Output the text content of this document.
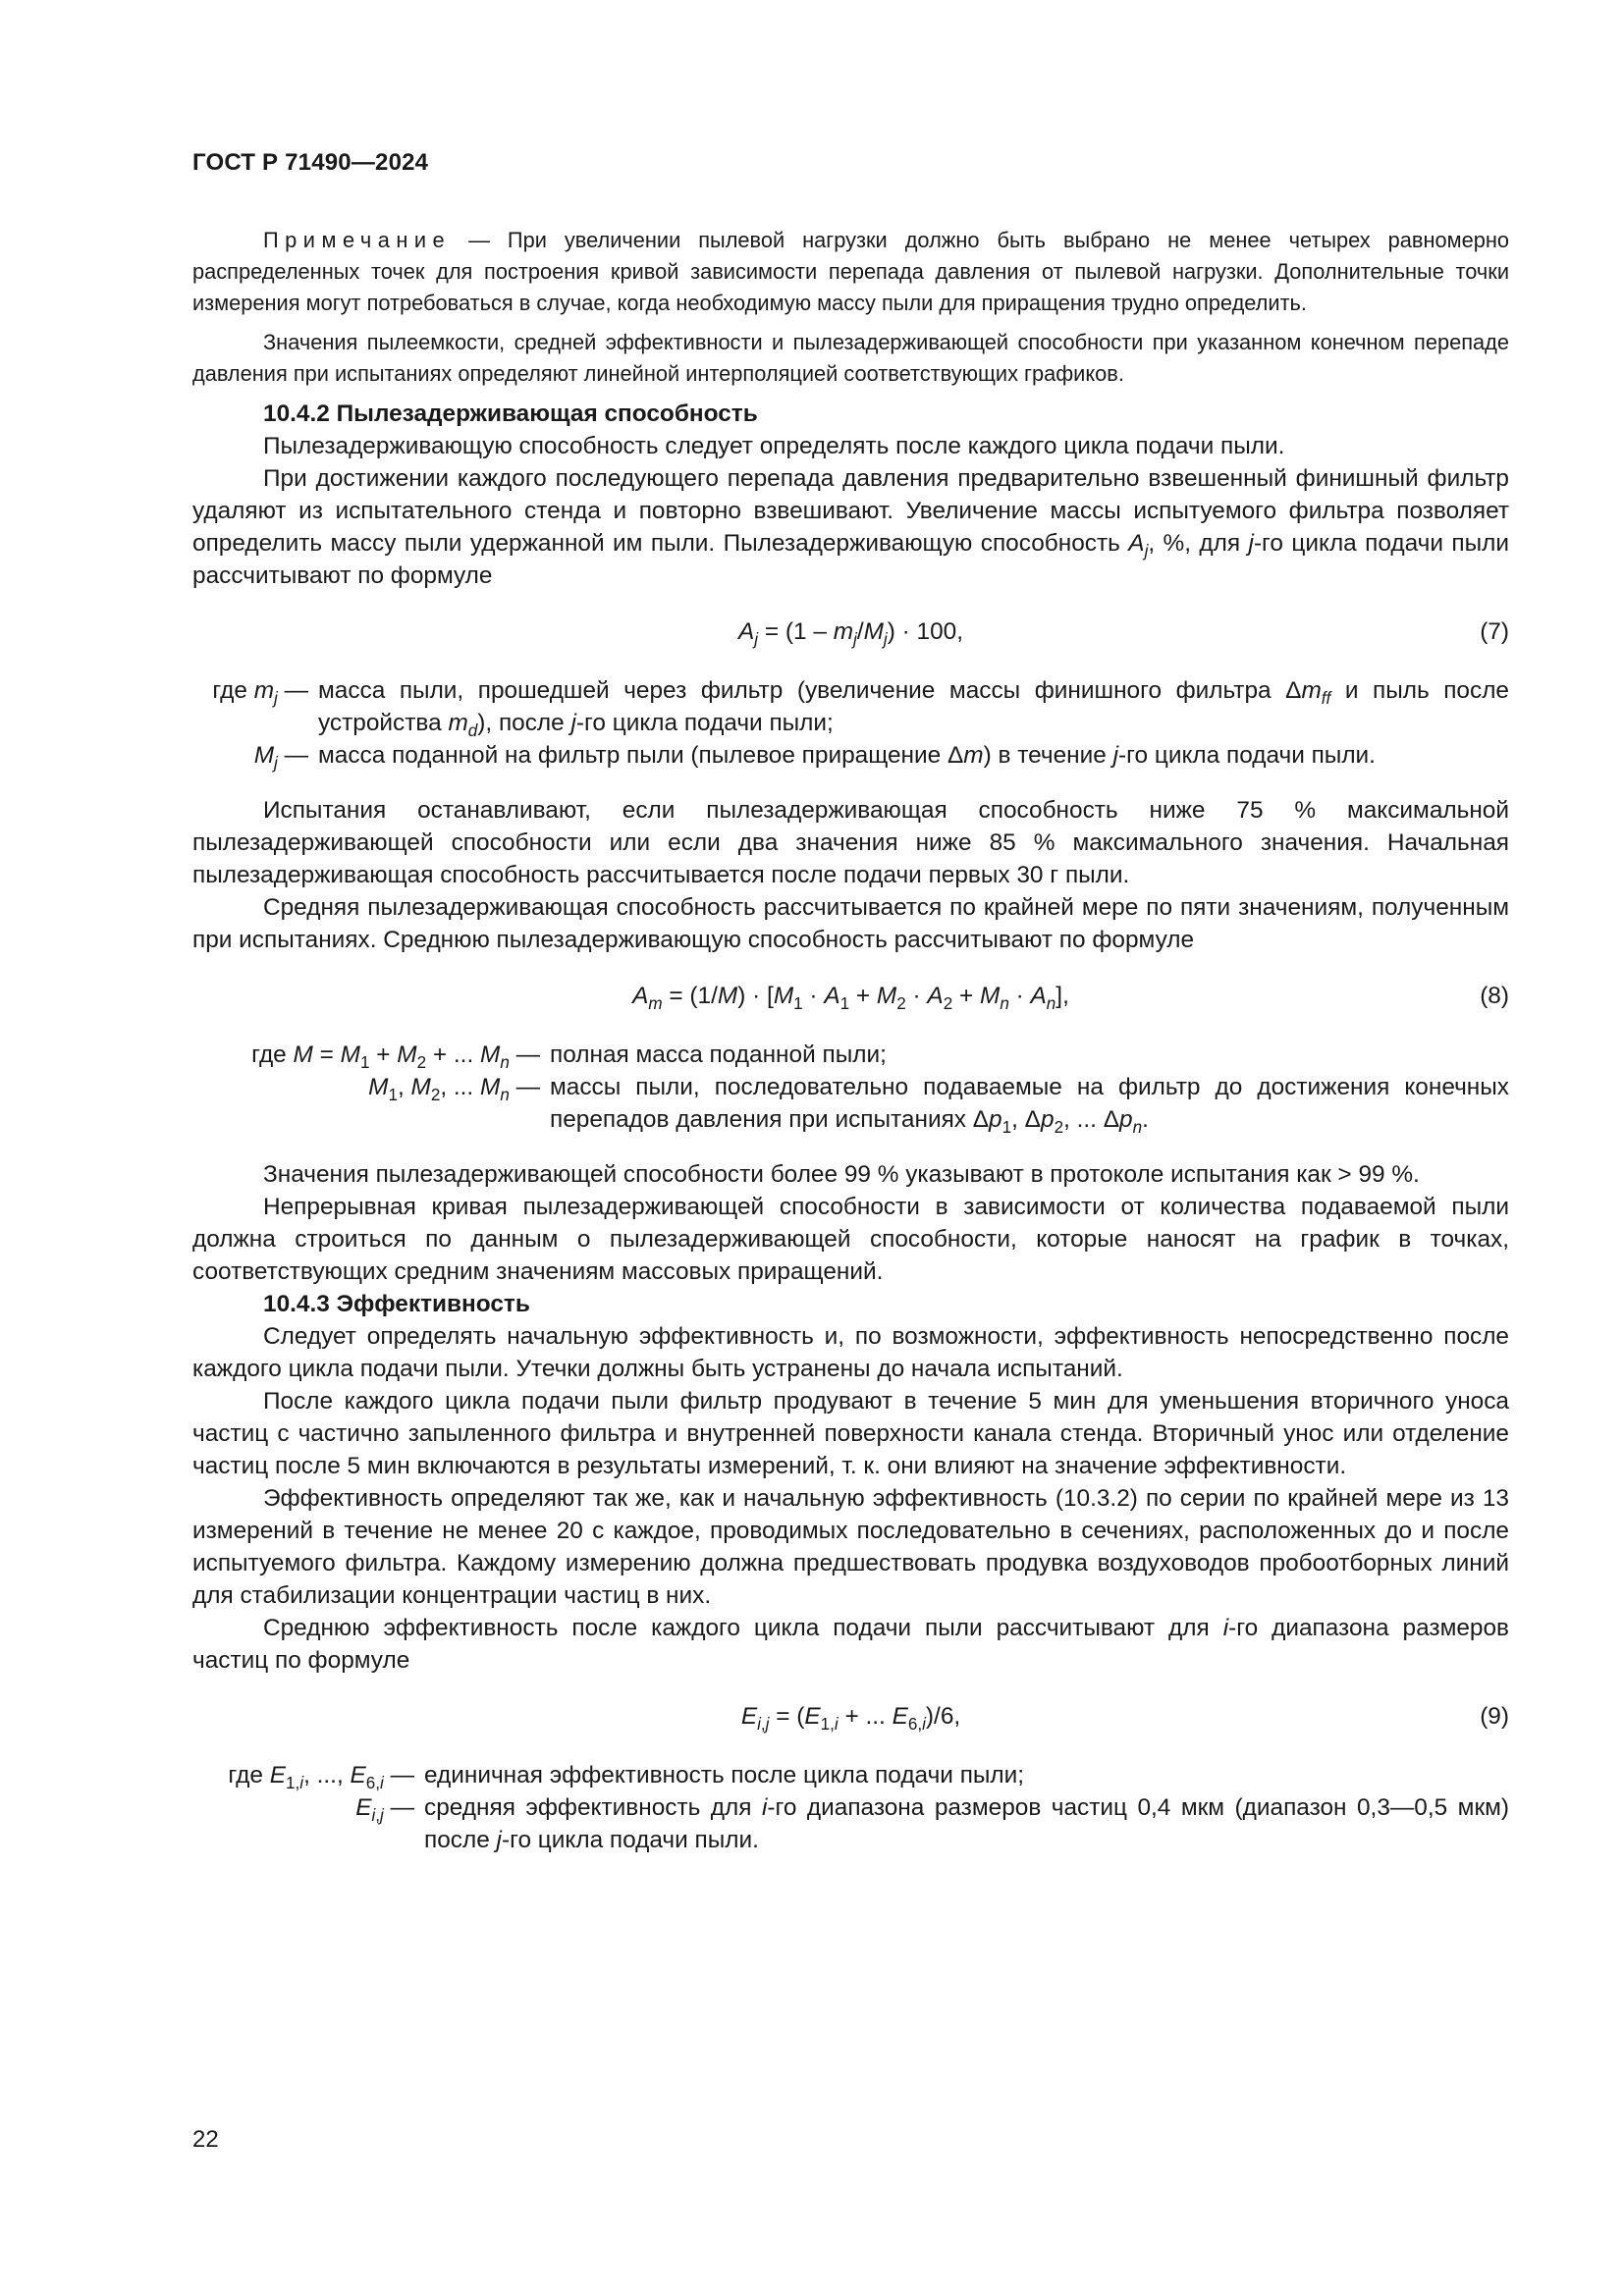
ГОСТ Р 71490—2024

Примечание — При увеличении пылевой нагрузки должно быть выбрано не менее четырех равномерно распределенных точек для построения кривой зависимости перепада давления от пылевой нагрузки. Дополнительные точки измерения могут потребоваться в случае, когда необходимую массу пыли для приращения трудно определить.

Значения пылеемкости, средней эффективности и пылезадерживающей способности при указанном конечном перепаде давления при испытаниях определяют линейной интерполяцией соответствующих графиков.

10.4.2 Пылезадерживающая способность

Пылезадерживающую способность следует определять после каждого цикла подачи пыли.

При достижении каждого последующего перепада давления предварительно взвешенный финишный фильтр удаляют из испытательного стенда и повторно взвешивают. Увеличение массы испытуемого фильтра позволяет определить массу пыли удержанной им пыли. Пылезадерживающую способность $A_j$, %, для j-го цикла подачи пыли рассчитывают по формуле

$A_j = (1 - m_j/M_j) \cdot 100$,	(7)
где $m_j$ —	масса пыли, прошедшей через фильтр (увеличение массы финишного фильтра $\Delta m_{ff}$ и пыль после устройства $m_d$), после j-го цикла подачи пыли;
$M_j$ —	масса поданной на фильтр пыли (пылевое приращение Δm) в течение j-го цикла подачи пыли.

Испытания останавливают, если пылезадерживающая способность ниже 75 % максимальной пылезадерживающей способности или если два значения ниже 85 % максимального значения. Начальная пылезадерживающая способность рассчитывается после подачи первых 30 г пыли.

Средняя пылезадерживающая способность рассчитывается по крайней мере по пяти значениям, полученным при испытаниях. Среднюю пылезадерживающую способность рассчитывают по формуле

$A_m = (1/M) \cdot [M_1 \cdot A_1 + M_2 \cdot A_2 + M_n \cdot A_n]$,	(8)
где $M = M_1 + M_2$ + ... $M_n$ —	полная масса поданной пыли;
$M_1$, $M_2$, ... $M_n$ —	массы пыли, последовательно подаваемые на фильтр до достижения конечных перепадов давления при испытаниях $\Delta p_1$, $\Delta p_2$, ... $\Delta p_n$.

Значения пылезадерживающей способности более 99 % указывают в протоколе испытания как > 99 %.

Непрерывная кривая пылезадерживающей способности в зависимости от количества подаваемой пыли должна строиться по данным о пылезадерживающей способности, которые наносят на график в точках, соответствующих средним значениям массовых приращений.

10.4.3 Эффективность

Следует определять начальную эффективность и, по возможности, эффективность непосредственно после каждого цикла подачи пыли. Утечки должны быть устранены до начала испытаний.

После каждого цикла подачи пыли фильтр продувают в течение 5 мин для уменьшения вторичного уноса частиц с частично запыленного фильтра и внутренней поверхности канала стенда. Вторичный унос или отделение частиц после 5 мин включаются в результаты измерений, т. к. они влияют на значение эффективности.

Эффективность определяют так же, как и начальную эффективность (10.3.2) по серии по крайней мере из 13 измерений в течение не менее 20 с каждое, проводимых последовательно в сечениях, расположенных до и после испытуемого фильтра. Каждому измерению должна предшествовать продувка воздуховодов пробоотборных линий для стабилизации концентрации частиц в них.

Среднюю эффективность после каждого цикла подачи пыли рассчитывают для i-го диапазона размеров частиц по формуле

$E_{i,j} = (E_{1,i}$ + ... $E_{6,i})/6$,	(9)
где $E_{1,i}$, ..., $E_{6,i}$ —	единичная эффективность после цикла подачи пыли;
$E_{i,j}$ —	средняя эффективность для i-го диапазона размеров частиц 0,4 мкм (диапазон 0,3—0,5 мкм) после j-го цикла подачи пыли.
22
